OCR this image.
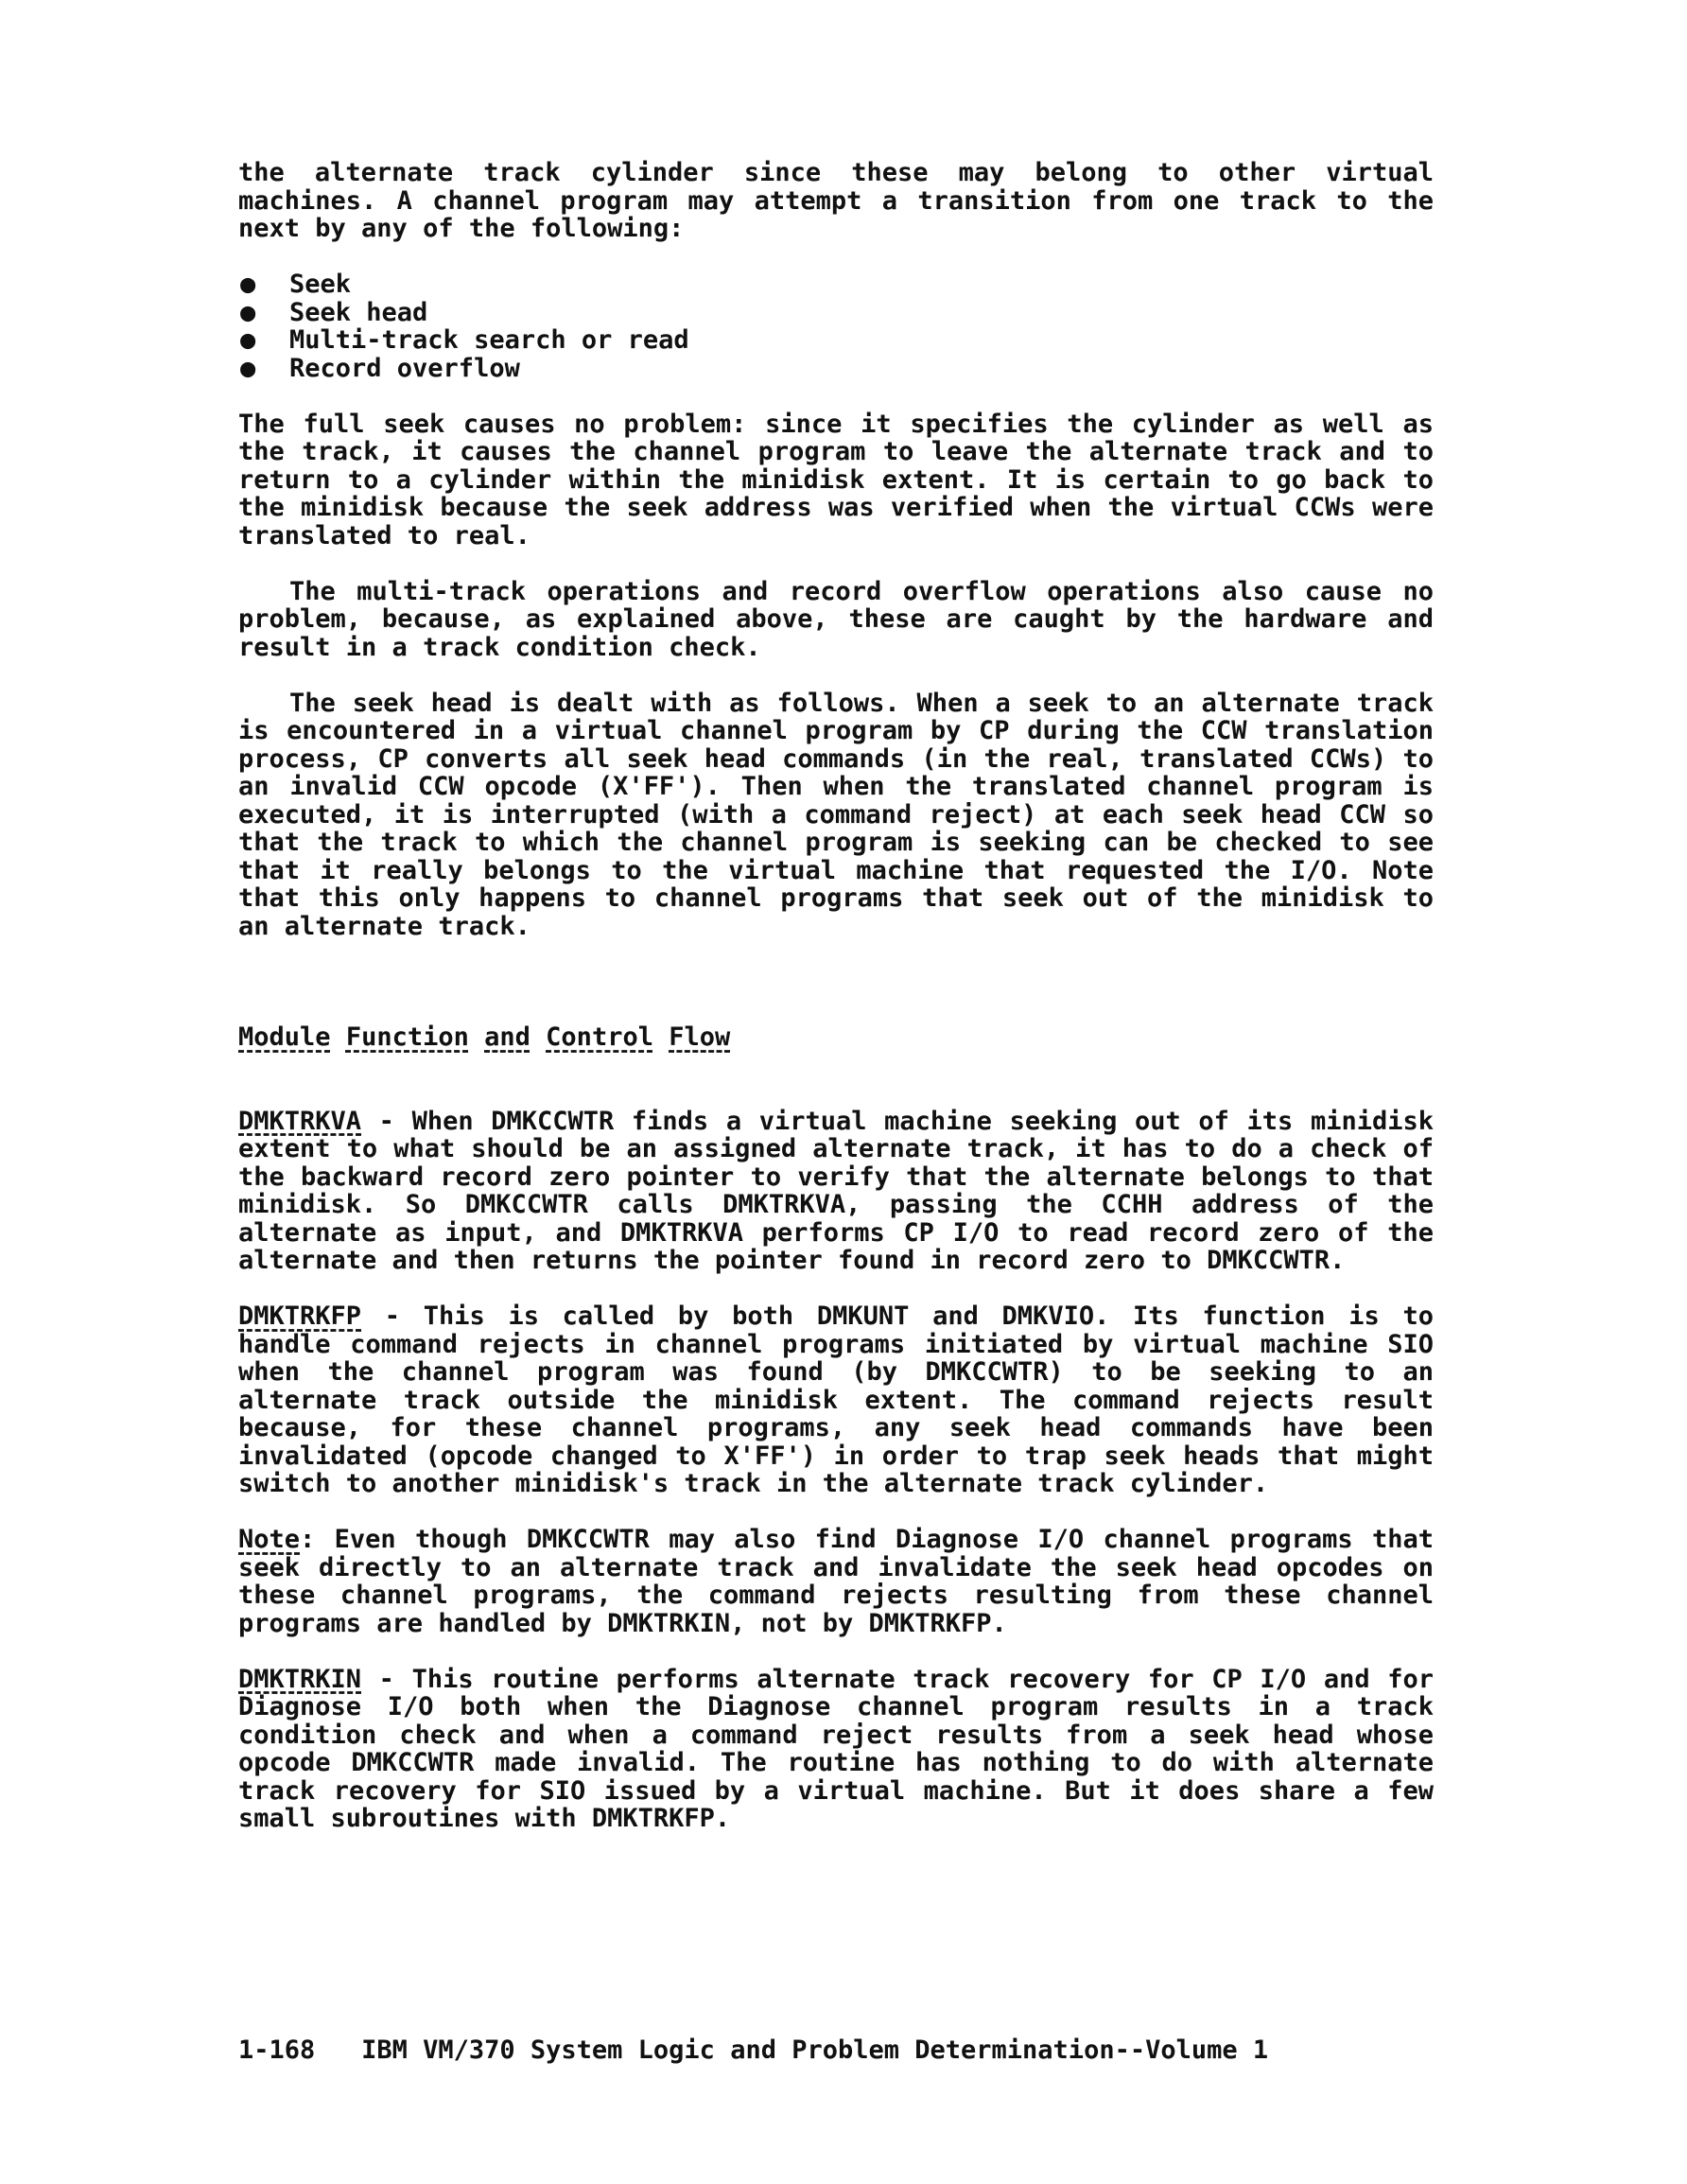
the alternate track cylinder since these may belong to other virtual machines. A channel program may attempt a transition from one track to the next by any of the following:

●	Seek
●	Seek head
●	Multi-track search or read
●	Record overflow

The full seek causes no problem: since it specifies the cylinder as well as the track, it causes the channel program to leave the alternate track and to return to a cylinder within the minidisk extent. It is certain to go back to the minidisk because the seek address was verified when the virtual CCWs were translated to real.

The multi-track operations and record overflow operations also cause no problem, because, as explained above, these are caught by the hardware and result in a track condition check.

The seek head is dealt with as follows. When a seek to an alternate track is encountered in a virtual channel program by CP during the CCW translation process, CP converts all seek head commands (in the real, translated CCWs) to an invalid CCW opcode (X'FF'). Then when the translated channel program is executed, it is interrupted (with a command reject) at each seek head CCW so that the track to which the channel program is seeking can be checked to see that it really belongs to the virtual machine that requested the I/O. Note that this only happens to channel programs that seek out of the minidisk to an alternate track.

Module Function and Control Flow

DMKTRKVA - When DMKCCWTR finds a virtual machine seeking out of its minidisk extent to what should be an assigned alternate track, it has to do a check of the backward record zero pointer to verify that the alternate belongs to that minidisk. So DMKCCWTR calls DMKTRKVA, passing the CCHH address of the alternate as input, and DMKTRKVA performs CP I/O to read record zero of the alternate and then returns the pointer found in record zero to DMKCCWTR.

DMKTRKFP - This is called by both DMKUNT and DMKVIO. Its function is to handle command rejects in channel programs initiated by virtual machine SIO when the channel program was found (by DMKCCWTR) to be seeking to an alternate track outside the minidisk extent. The command rejects result because, for these channel programs, any seek head commands have been invalidated (opcode changed to X'FF') in order to trap seek heads that might switch to another minidisk's track in the alternate track cylinder.

Note: Even though DMKCCWTR may also find Diagnose I/O channel programs that seek directly to an alternate track and invalidate the seek head opcodes on these channel programs, the command rejects resulting from these channel programs are handled by DMKTRKIN, not by DMKTRKFP.

DMKTRKIN - This routine performs alternate track recovery for CP I/O and for Diagnose I/O both when the Diagnose channel program results in a track condition check and when a command reject results from a seek head whose opcode DMKCCWTR made invalid. The routine has nothing to do with alternate track recovery for SIO issued by a virtual machine. But it does share a few small subroutines with DMKTRKFP.

1-168 IBM VM/370 System Logic and Problem Determination--Volume 1
